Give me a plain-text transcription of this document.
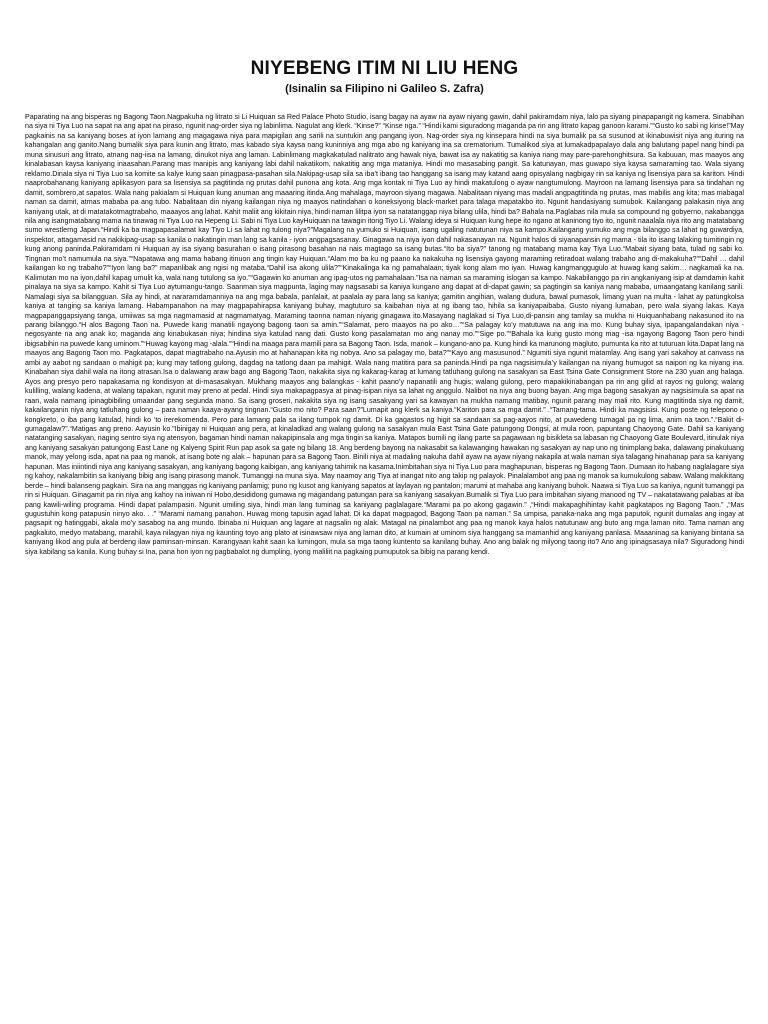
NIYEBENG ITIM NI LIU HENG
(Isinalin sa Filipino ni Galileo S. Zafra)
Paparating na ang bisperas ng Bagong Taon.Nagpakuha ng litrato si Li Huiquan sa Red Palace Photo Studio, isang bagay na ayaw na ayaw niyang gawin, dahil pakiramdam niya, lalo pa siyang pinapapangit ng kamera. Sinabihan na siya ni Tiya Luo na sapat na ang apat na piraso, ngunit nag-order siya ng labinlima. Nagulat ang klerk. “Kinse?” “Kinse nga.” “Hindi kami siguradong maganda pa rin ang litrato kapag ganoon karami.”“Gusto ko sabi ng kinse!”May pagkainis na sa kaniyang boses at iyon lamang ang magagawa niya para mapigilan ang sarili na suntukin ang pangang iyon. Nag-order siya ng kinsepara hindi na siya bumalik pa sa susunod at ikinabuwisit niya ang ituring na kahangalan ang ganito.Nang bumalik siya para kunin ang litrato, mas kabado siya kaysa nang kuninniya ang mga abo ng kaniyang ina sa crematorium. Tumalikod siya at lumakadpapalayo dala ang balutang papel nang hindi pa muna sinusuri ang litrato, atnang nag-iisa na lamang, dinukot niya ang laman. Labinlimang magkakatulad nalitrato ang hawak niya, bawat isa ay nakatitig sa kaniya nang may pare-parehonghitsura. Sa kabuuan, mas maayos ang kinalabasan kaysa kaniyang inaasahan.Parang mas manipis ang kaniyang labi dahil nakatikom, nakatitig ang mga mataniya. Hindi mo masasabing pangit. Sa katunayan, mas guwapo siya kaysa samaraming tao. Wala siyang reklamo.Dinala siya ni Tiya Luo sa komite sa kalye kung saan pinagpasa-pasahan sila.Nakipag-usap sila sa iba’t ibang tao hanggang sa isang may katand aang opisyalang nagbigay rin sa kaniya ng lisensiya para sa kariton. Hindi naaprobahanang kaniyang aplikasyon para sa lisensiya sa pagtitinda ng prutas dahil punona ang kota. Ang mga kontak ni Tiya Luo ay hindi makatulong o ayaw nangtumulong. Mayroon na lamang lisensiya para sa tindahan ng damit, sombrero,at sapatos. Wala nang pakialam si Huiquan kung anuman ang maaaring itinda.Ang mahalaga, mayroon siyang magawa. Nabalitaan niyang mas madali angpagtitinda ng prutas, mas mabilis ang kita; mas mabagal naman sa damit, atmas mababa pa ang tubo. Nabalitaan din niyang kailangan niya ng maayos natindahan o koneksiyong black-market para talaga mapatakbo ito. Ngunit handasiyang sumubok. Kailangang palakasin niya ang kaniyang utak, at di matatakotmagtrabaho, maaayos ang lahat. Kahit maliit ang kikitain niya, hindi naman lilitpa iyon sa natatanggap niya bilang ulila, hindi ba? Bahala na.Paglabas nila mula sa compound ng gobyerno, nakabangga nila ang isangmatabang mama na tinawag ni Tiya Luo na Hepeng Li. Sabi ni Tiya Luo kayHuiquan na tawagin itong Tiyo Li. Walang ideya si Huiquan kung hepe ito ngano at kaninong tiyo ito, ngunit naaalala niya rito ang matatabang sumo wrestlerng Japan.“Hindi ka ba magpapasalamat kay Tiyo Li sa lahat ng tulong niya?”Magalang na yumuko si Huiquan, isang ugaling natutunan niya sa kampo.Kailangang yumuko ang mga bilanggo sa lahat ng guwardiya, inspektor, attagamasid na nakikipag-usap sa kanila o nakatingin man lang sa kanila - iyon angpagsasanay. Ginagawa na niya iyon dahil nakasanayan na. Ngunit halos di siyanapansin ng mama - tila ito isang lalaking tumitingin ng kung anong paninda.Pakiramdam ni Huiquan ay isa siyang basurahan o isang pirasong basahan na nais magtago sa isang butas.“Ito ba siya?” tanong ng matabang mama kay Tiya Luo.“Mabait siyang bata, tulad ng sabi ko. Tingnan mo’t namumula na siya.”“Napatawa ang mama habang itinuon ang tingin kay Huiquan.“Alam mo ba ku ng paano ka nakakuha ng lisensiya gayong maraming retiradoat walang trabaho ang di-makakuha?”“Dahil … dahil kailangan ko ng trabaho?”“Iyon lang ba?” mapanlibak ang ngisi ng mataba.“Dahil isa akong ulila?”“Kinakalinga ka ng pamahalaan; tiyak kong alam mo iyan. Huwag kangmanggugulo at huwag kang sakim… nagkamali ka na. Kalimutan mo na iyon,dahil kapag umulit ka, wala nang tutulong sa iyo.”“Gagawin ko anuman ang ipag-utos ng pamahalaan.”Isa na naman sa maraming islogan sa kampo. Nakabilanggo pa rin angkaniyang isip at damdamin kahit pinalaya na siya sa kampo. Kahit si Tiya Luo aytumangu-tango. Saanman siya magpunta, laging may nagsasabi sa kaniya kungano ang dapat at di-dapat gawin; sa pagtingin sa kaniya nang mababa, umaangatang kanilang sarili. Namalagi siya sa bilangguan. Sila ay hindi, at nararamdamanniya na ang mga babala, panlalait, at paalala ay para lang sa kaniya; gamitin angihian, walang dudura, bawal pumasok, limang yuan na multa - lahat ay patungkolsa kaniya at tanging sa kaniya lamang. Habampanahon na may magpapahirapsa kaniyang buhay, magtuturo sa kaibahan niya at ng ibang tao, hihila sa kaniyapaibaba. Gusto niyang lumaban, pero wala siyang lakas. Kaya magpapanggapsiyang tanga, umiiwas sa mga nagmamasid at nagmamatyag. Maraming taonna naman niyang ginagawa ito.Masayang naglakad si Tiya Luo,di-pansin ang tamlay sa mukha ni Huiquanhabang nakasunod ito na parang bilanggo.“H alos Bagong Taon na. Puwede kang manatili ngayong bagong taon sa amin.”“Salamat, pero maayos na po ako…”“Sa palagay ko’y matutuwa na ang ina mo. Kung buhay siya, ipapangalandakan niya - negosyante na ang anak ko; maganda ang kinabukasan niya; hindina siya katulad nang dati. Gusto kong pasalamatan mo ang nanay mo.”“Sige po.”“Bahala ka kung gusto mong mag -isa ngayong Bagong Taon pero hindi ibigsabihin na puwede kang uminom.”“Huwag kayong mag -alala.”“Hindi na maaga para mamili para sa Bagong Taon. Isda, manok – kungano-ano pa. Kung hindi ka marunong magluto, pumunta ka rito at tuturuan kita.Dapat lang na maayos ang Bagong Taon mo. Pagkatapos, dapat magtrabaho na.Ayusin mo at hahanapan kita ng nobya. Ano sa palagay mo, bata?”“Kayo ang masusunod.” Ngumiti siya ngunit matamlay. Ang isang yari sakahoy at canvass na ambi ay aabot ng sandaan o mahigit pa; kung may tatlong gulong, dagdag na tatlong daan pa mahigit. Wala nang matitira para sa paninda.Hindi pa nga nagsisimula’y kailangan na niyang humugot sa naipon ng ka niyang ina. Kinabahan siya dahil wala na itong atrasan.Isa o dalawang araw bago ang Bagong Taon, nakakita siya ng kakarag-karag at lumang tatluhang gulong na sasakyan sa East Tsina Gate Consignment Store na 230 yuan ang halaga. Ayos ang presyo pero napakasama ng kondisyon at di-masasakyan. Mukhang maayos ang balangkas - kahit paano’y napanatili ang hugis; walang gulong, pero mapakikinabangan pa rin ang gilid at rayos ng gulong; walang kulilling, walang kadena, at walang tapakan, ngunit may preno at pedal. Hindi siya makapagpasya at pinag-isipan niya sa lahat ng anggulo. Nalibot na niya ang buong bayan. Ang mga bagong sasakyan ay nagsisimula sa apat na raan, wala namang ipinagbibiling umaandar pang segunda mano. Sa isang groseri, nakakita siya ng isang sasakyang yari sa kawayan na mukha namang matibay, ngunit parang may mali rito. Kung magtitinda siya ng damit, kakailanganin niya ang tatluhang gulong – para naman kaaya-ayang tingnan.“Gusto mo nito? Para saan?”Lumapit ang klerk sa kaniya.“Kariton para sa mga damit.” .“Tamang-tama. Hindi ka magsisisi. Kung poste ng telepono o kongkreto, o iba pang katulad, hindi ko ‘to irerekomenda. Pero para lamang pala sa ilang tumpok ng damit. Di ka gagastos ng higit sa sandaan sa pag-aayos nito, at puwedeng tumagal pa ng lima, anim na taon.”.“Bakit di-gumagalaw?”.“Matigas ang preno. Aayusin ko.”Ibinigay ni Huiquan ang pera, at kinaladkad ang walang gulong na sasakyan mula East Tsina Gate patungong Dongsi, at mula roon, papuntang Chaoyong Gate. Dahil sa kaniyang natatanging sasakyan, naging sentro siya ng atensyon, bagaman hindi naman nakapipinsala ang mga tingin sa kaniya. Matapos bumili ng ilang parte sa pagawaan ng bisikleta sa labasan ng Chaoyong Gate Boulevard, itinulak niya ang kaniyang sasakyan patungong East Lane ng Kalyeng Spirit Run pap asok sa gate ng bilang 18. Ang berdeng bayong na nakasabit sa kalawanging hawakan ng sasakyan ay nap uno ng tinimplang baka, dalawang pinakuluang manok, may yelong isda, apat na paa ng manok, at isang bote ng alak – hapunan para sa Bagong Taon. Binili niya at madaling nakuha dahil ayaw na ayaw niyang nakapila at wala naman siya talagang hinahanap para sa kaniyang hapunan. Mas iniintindi niya ang kaniyang sasakyan, ang kaniyang bagong kaibigan, ang kaniyang tahimik na kasama.Inimbitahan siya ni Tiya Luo para maghapunan, bisperas ng Bagong Taon. Dumaan ito habang naglalagare siya ng kahoy, nakalambitin sa kaniyang bibig ang isang pirasong manok. Tumanggi na muna siya. May naamoy ang Tiya at inangat nito ang takip ng palayok. Pinalalambot ang paa ng manok sa kumukulong sabaw. Walang makikitang berde – hindi balanseng pagkain. Sira na ang manggas ng kaniyang panlamig; puno ng kusot ang kaniyang sapatos at laylayan ng pantalon; marumi at mahaba ang kaniyang buhok. Naawa si Tiya Luo sa kaniya, ngunit tumanggi pa rin si Huiquan. Ginagamit pa rin niya ang kahoy na iniwan ni Hobo,desididong gumawa ng magandang patungan para sa kaniyang sasakyan.Bumalik si Tiya Luo para imbitahan siyang manood ng TV – nakatatawang palabas at iba pang kawili-wiling programa. Hindi dapat palampasin. Ngunit umiling siya, hindi man lang tuminag sa kaniyang paglalagare.“Marami pa po akong gagawin.” ,“Hindi makapaghihintay kahit pagkatapos ng Bagong Taon.” ,“Mas gugustuhin kong patapusin ninyo ako. . .” “Marami namang panahon. Huwag mong tapusin agad lahat. Di ka dapat magpagod, Bagong Taon pa naman.” Sa umpisa, panaka-naka ang mga paputok, ngunit dumalas ang ingay at pagsapit ng hatinggabi, akala mo’y sasabog na ang mundo. Ibinaba ni Huiquan ang lagare at nagsalin ng alak. Matagal na pinalambot ang paa ng manok kaya halos natutunaw ang buto ang mga laman nito. Tama naman ang pagkaluto, medyo matabang, marahil, kaya nilagyan niya ng kaunting toyo ang plato at isinawsaw niya ang laman dito, at kumain at uminom siya hanggang sa mamanhid ang kaniyang panlasa. Maaaninag sa kaniyang bintana sa kaniyang likod ang pula at berdeng ilaw paminsan-minsan. Karangyaan kahit saan ka lumingon, mula sa mga taong kuntento sa kanilang buhay. Ano ang balak ng milyong taong ito? Ano ang ipinagsasaya nila? Siguradong hindi siya kabilang sa kanila. Kung buhay si Ina, pana hon iyon ng pagbabalot ng dumpling, iyong maliliit na pagkaing pumuputok sa bibig na parang kendi.
